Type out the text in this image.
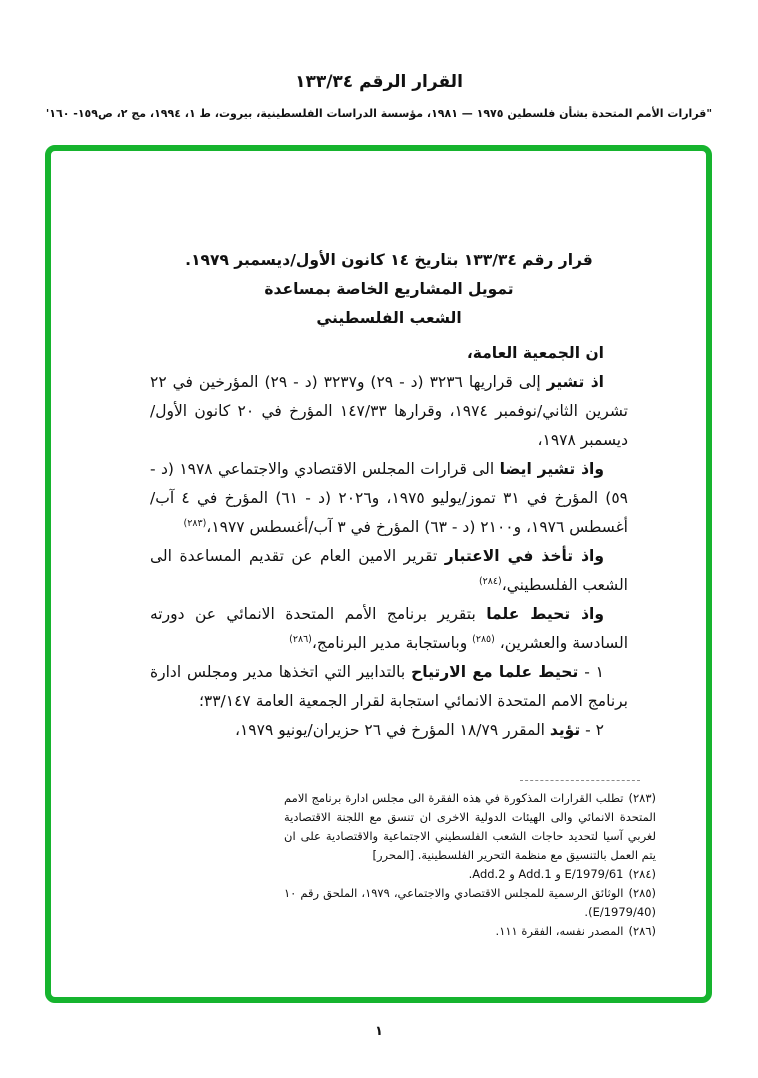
القرار الرقم ١٣٣/٣٤
"قرارات الأمم المتحدة بشأن فلسطين ١٩٧٥ — ١٩٨١، مؤسسة الدراسات الفلسطينية، بيروت، ط ١، ١٩٩٤، مج ٢، ص١٥٩- ١٦٠'
قرار رقم ١٣٣/٣٤ بتاريخ ١٤ كانون الأول/ديسمبر ١٩٧٩.
تمويل المشاريع الخاصة بمساعدة
الشعب الفلسطيني

ان الجمعية العامة،

اذ تشير إلى قراريها ٣٢٣٦ (د - ٢٩) و٣٢٣٧ (د - ٢٩) المؤرخين في ٢٢ تشرين الثاني/نوفمبر ١٩٧٤، وقرارها ١٤٧/٣٣ المؤرخ في ٢٠ كانون الأول/ديسمبر ١٩٧٨،

واذ تشير ايضا الى قرارات المجلس الاقتصادي والاجتماعي ١٩٧٨ (د - ٥٩) المؤرخ في ٣١ تموز/يوليو ١٩٧٥، و٢٠٢٦ (د - ٦١) المؤرخ في ٤ آب/أغسطس ١٩٧٦، و٢١٠٠ (د - ٦٣) المؤرخ في ٣ آب/أغسطس ١٩٧٧،$^{(٢٨٣)}$

واذ تأخذ في الاعتبار تقرير الامين العام عن تقديم المساعدة الى الشعب الفلسطيني،$^{(٢٨٤)}$

واذ تحيط علما بتقرير برنامج الأمم المتحدة الانمائي عن دورته السادسة والعشرين، $^{(٢٨٥)}$ وباستجابة مدير البرنامج،$^{(٢٨٦)}$

١ - تحيط علما مع الارتياح بالتدابير التي اتخذها مدير ومجلس ادارة برنامج الامم المتحدة الانمائي استجابة لقرار الجمعية العامة ٣٣/١٤٧؛

٢ - تؤيد المقرر ١٨/٧٩ المؤرخ في ٢٦ حزيران/يونيو ١٩٧٩،

(٢٨٣)تطلب القرارات المذكورة في هذه الفقرة الى مجلس ادارة برنامج الامم المتحدة الانمائي والى الهيئات الدولية الاخرى ان تنسق مع اللجنة الاقتصادية لغربي آسيا لتحديد حاجات الشعب الفلسطيني الاجتماعية والاقتصادية على ان يتم العمل بالتنسيق مع منظمة التحرير الفلسطينية. [المحرر]

(٢٨٤)E/1979/61 و Add.1 و Add.2.

(٢٨٥)الوثائق الرسمية للمجلس الاقتصادي والاجتماعي، ١٩٧٩، الملحق رقم ١٠ (E/1979/40).

(٢٨٦)المصدر نفسه، الفقرة ١١١.

١
